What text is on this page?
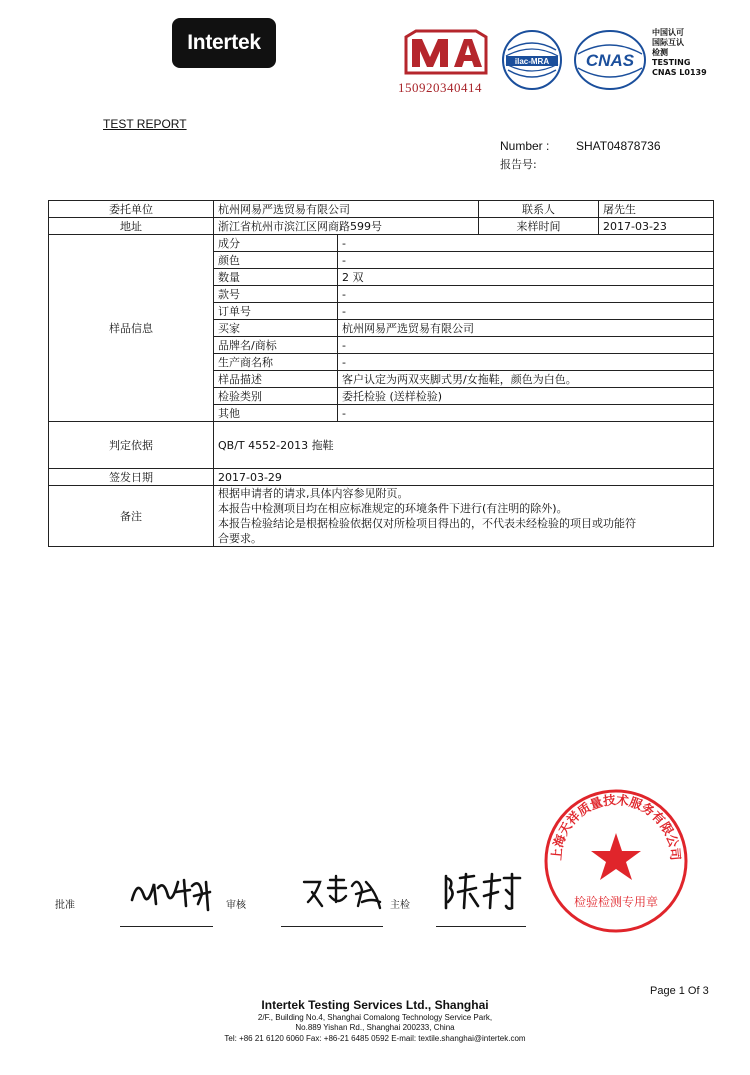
Intertek
150920340414
ilac-MRA CNAS
中国认可
国际互认
检测
TESTING
CNAS L0139
TEST REPORT
Number :
报告号:
SHAT04878736
委托单位	杭州网易严选贸易有限公司		联系人	屠先生
地址	浙江省杭州市滨江区网商路599号		来样时间	2017-03-23
样品信息	成分	-		
	颜色	-		
	数量	2 双		
	款号	-		
	订单号	-		
	买家	杭州网易严选贸易有限公司		
	品牌名/商标	-		
	生产商名称	-		
	样品描述	客户认定为两双夹脚式男/女拖鞋，颜色为白色。		
	检验类别	委托检验 (送样检验)		
	其他	-		
判定依据	QB/T 4552-2013 拖鞋			
签发日期	2017-03-29			
备注	根据申请者的请求,具体内容参见附页。
本报告中检测项目均在相应标准规定的环境条件下进行(有注明的除外)。
本报告检验结论是根据检验依据仅对所检项目得出的，不代表未经检验的项目或功能符
合要求。			
上海天祥质量技术服务有限公司
检验检测专用章
批准	审核	主检
Page 1 Of 3
Intertek Testing Services Ltd., Shanghai
2/F., Building No.4, Shanghai Comalong Technology Service Park,
No.889 Yishan Rd., Shanghai 200233, China
Tel: +86 21 6120 6060 Fax: +86-21 6485 0592 E-mail: textile.shanghai@intertek.com
